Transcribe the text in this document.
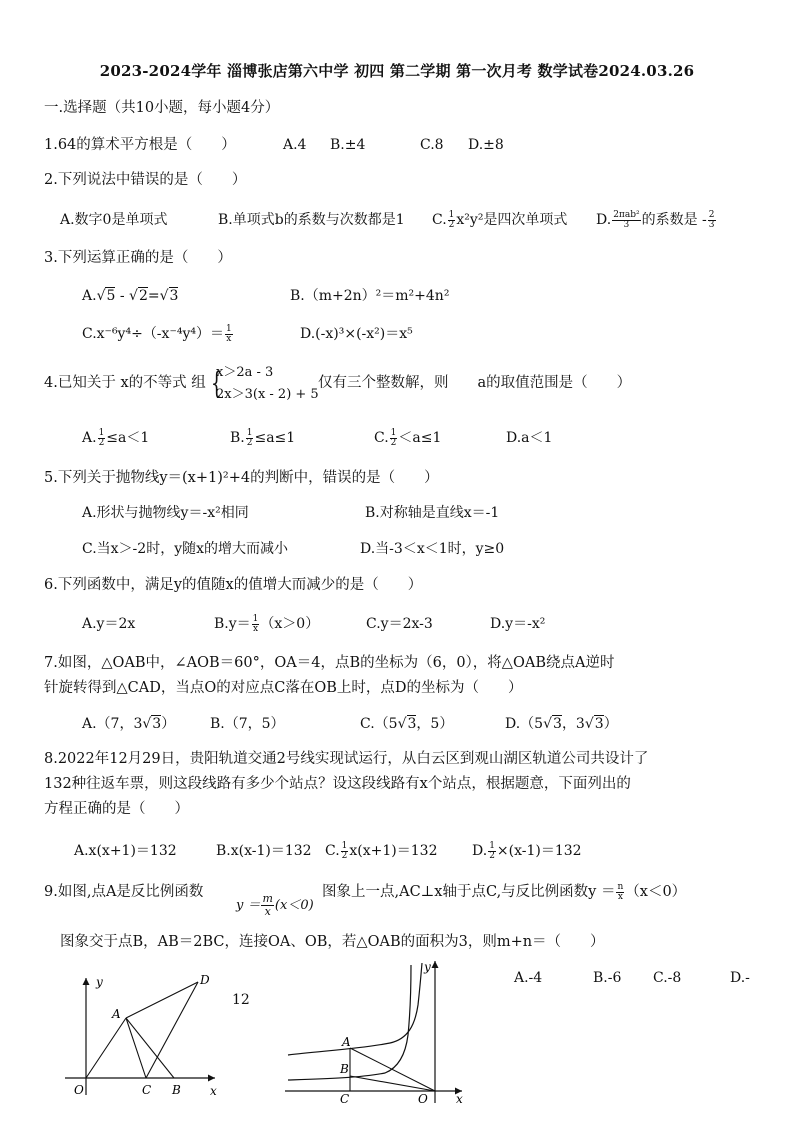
2023-2024学年 淄博张店第六中学 初四 第二学期 第一次月考 数学试卷2024.03.26
一.选择题（共10小题，每小题4分）
1.64的算术平方根是（　　）	A.4 B.±4	C.8 D.±8
2.下列说法中错误的是（　　）
A.数字0是单项式	B.单项式b的系数与次数都是1 C. $\frac{1}{2} x^2y^2$是四次单项式 D. 2πab²
3 的系数是 - $\frac{2}{3}$
3.下列运算正确的是（　　）
A.√5 - √2=√3	B.（m+2n）²＝m²+4n²
$C.x^{-6}y^4\div(-x^{-4}y^4)= \frac{1}{x}$	D.(-x)³×(-x²)＝x⁵
4.已知关于 x的不等式 组 {
x＞2a - 3
2x＞3(x - 2) + 5
仅有三个整数解，则　　a的取值范围是（　　）
A. $\frac{1}{2} \le a<1$	B. $\frac{1}{2} \le a\le 1$	C. $\frac{1}{2} <a\le 1$	D.a＜1
5.下列关于抛物线y＝(x+1)²+4的判断中，错误的是（　　）
A.形状与抛物线y＝-x²相同	B.对称轴是直线x＝-1
C.当x＞-2时，y随x的增大而减小	D.当-3＜x＜1时，y≥0
6.下列函数中，满足y的值随x的值增大而减少的是（　　）
A.y＝2x	$B.y= \frac{1}{x} (x>0)$	C.y＝2x-3	D.y＝-x²
7.如图，△OAB中，∠AOB＝60°，OA＝4，点B的坐标为（6，0），将△OAB绕点A逆时
针旋转得到△CAD，当点O的对应点C落在OB上时，点D的坐标为（　　）
A.（7，3√3） B.（7，5）	C.（5√3，5）	D.（5√3，3√3）
8.2022年12月29日，贵阳轨道交通2号线实现试运行，从白云区到观山湖区轨道公司共设计了
132种往返车票，则这段线路有多少个站点？设这段线路有x个站点，根据题意，下面列出的
方程正确的是（　　）
A.x(x+1)＝132	B.x(x-1)＝132 C. $\frac{1}{2} x(x+1)=132$ D. $\frac{1}{2} \times(x-1)=132$
9.如图,点A是反比例函数
$y = \frac{m}{x} (x<0)$
图象上一点,AC⊥x轴于点C,与反比例函数$y = \frac{n}{x} (x<0)$
图象交于点B，AB＝2BC，连接OA、OB，若△OAB的面积为3，则m+n＝（　　）
A.-4	B.-6 C.-8	D.-
12
y
x
O
A
C B
D
y
x
O
A
B
C
